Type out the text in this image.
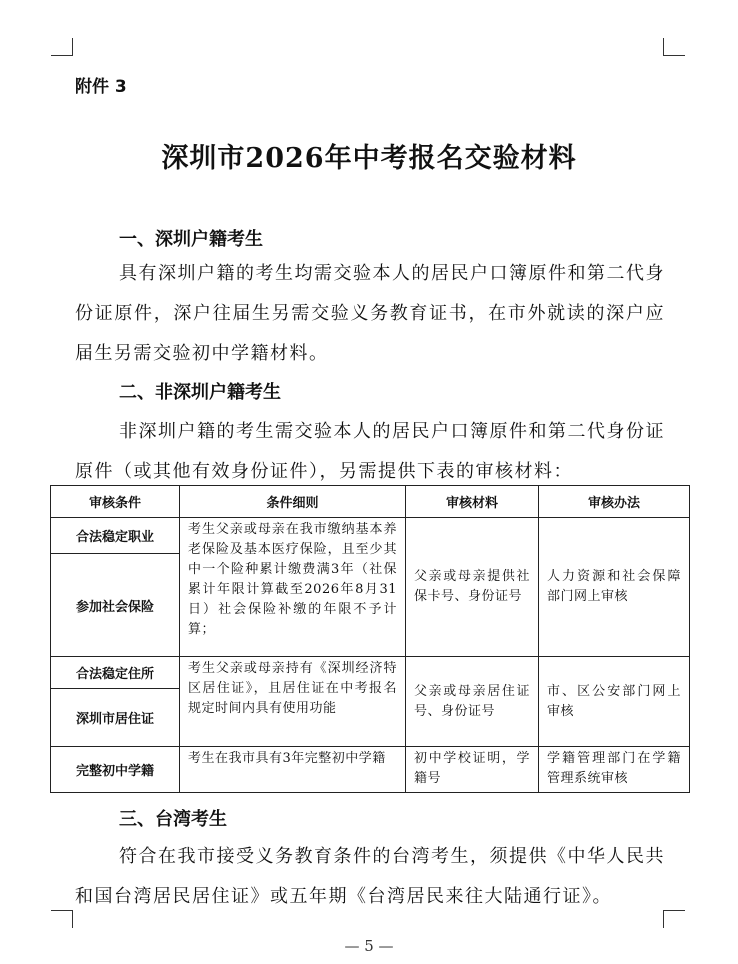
附件 3
深圳市2026年中考报名交验材料
一、深圳户籍考生
具有深圳户籍的考生均需交验本人的居民户口簿原件和第二代身份证原件，深户往届生另需交验义务教育证书，在市外就读的深户应届生另需交验初中学籍材料。
二、非深圳户籍考生
非深圳户籍的考生需交验本人的居民户口簿原件和第二代身份证原件（或其他有效身份证件），另需提供下表的审核材料：
审核条件	条件细则	审核材料	审核办法
合法稳定职业	考生父亲或母亲在我市缴纳基本养老保险及基本医疗保险，且至少其中一个险种累计缴费满3年（社保累计年限计算截至2026年8月31日）社会保险补缴的年限不予计算；	父亲或母亲提供社保卡号、身份证号	人力资源和社会保障部门网上审核
参加社会保险			
合法稳定住所	考生父亲或母亲持有《深圳经济特区居住证》，且居住证在中考报名规定时间内具有使用功能	父亲或母亲居住证号、身份证号	市、区公安部门网上审核
深圳市居住证			
完整初中学籍	考生在我市具有3年完整初中学籍	初中学校证明，学籍号	学籍管理部门在学籍管理系统审核
三、台湾考生
符合在我市接受义务教育条件的台湾考生，须提供《中华人民共和国台湾居民居住证》或五年期《台湾居民来往大陆通行证》。
— 5 —
